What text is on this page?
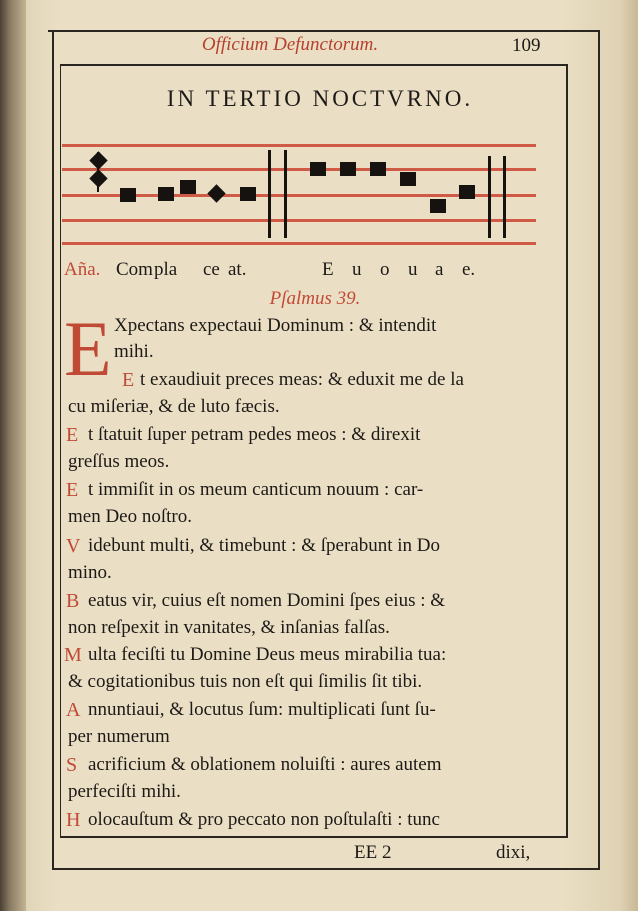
Officium Defunctorum.	109
IN TERTIO NOCTVRNO.
Aña. Com pla ce at.	E u o u a e.
Pſalmus 39.
E Xpectans expectaui Dominum : & intendit
mihi.
E t exaudiuit preces meas: & eduxit me de la
cu miſeriæ, & de luto fæcis.
E t ſtatuit ſuper petram pedes meos : & direxit
greſſus meos.
E t immiſit in os meum canticum nouum : car-
men Deo noſtro.
V idebunt multi, & timebunt : & ſperabunt in Do
mino.
B eatus vir, cuius eſt nomen Domini ſpes eius : &
non reſpexit in vanitates, & inſanias falſas.
M ulta feciſti tu Domine Deus meus mirabilia tua:
& cogitationibus tuis non eſt qui ſimilis ſit tibi.
A nnuntiaui, & locutus ſum: multiplicati ſunt ſu-
per numerum
S acrificium & oblationem noluiſti : aures autem
perfeciſti mihi.
H olocauſtum & pro peccato non poſtulaſti : tunc
EE 2	dixi,
